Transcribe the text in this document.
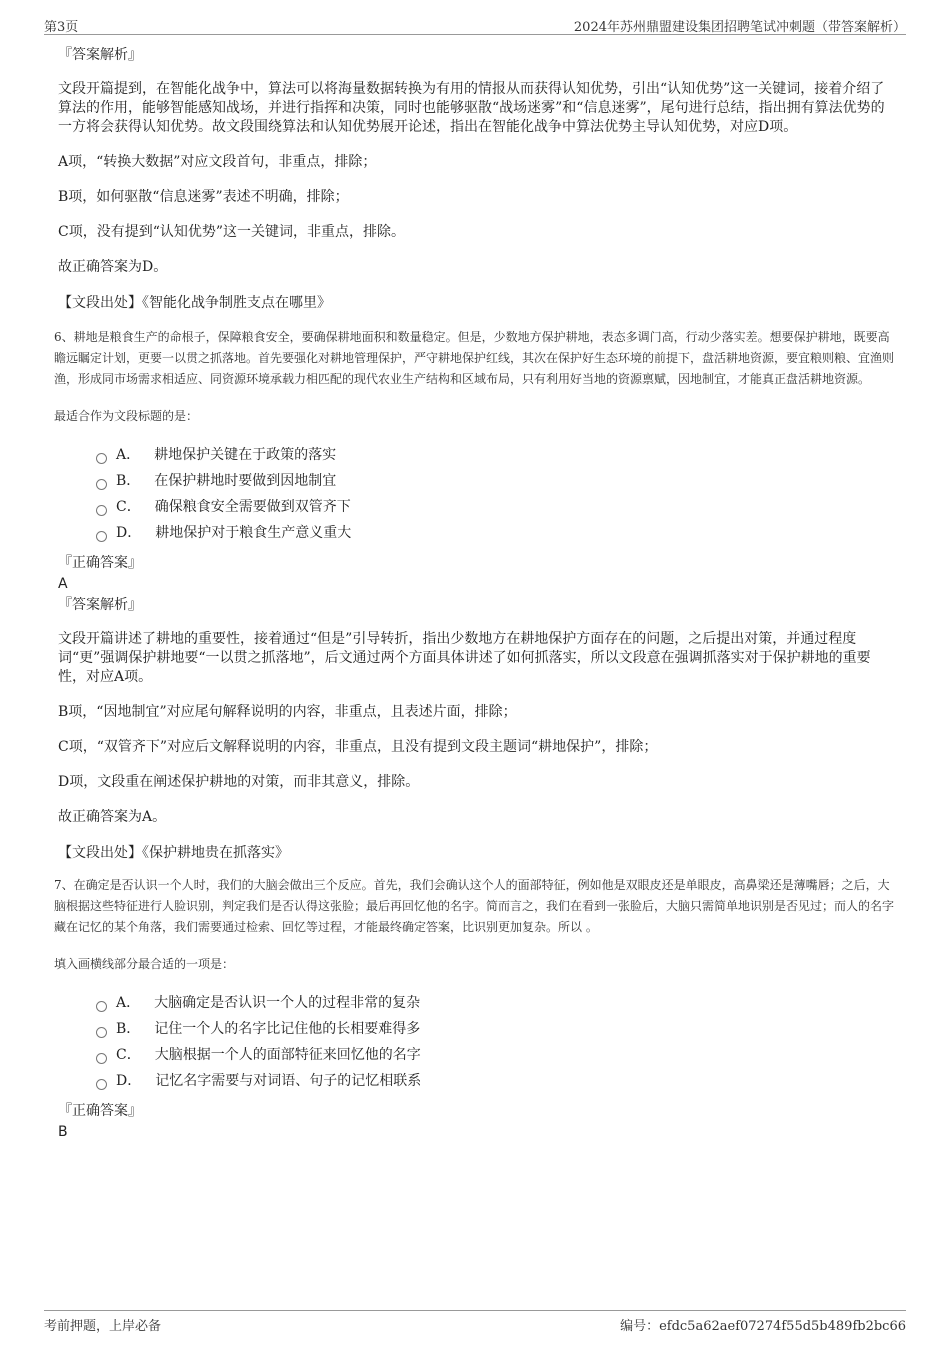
第3页	2024年苏州鼎盟建设集团招聘笔试冲刺题（带答案解析）
『答案解析』

文段开篇提到，在智能化战争中，算法可以将海量数据转换为有用的情报从而获得认知优势，引出“认知优势”这一关键词，接着介绍了算法的作用，能够智能感知战场，并进行指挥和决策，同时也能够驱散“战场迷雾”和“信息迷雾”，尾句进行总结，指出拥有算法优势的一方将会获得认知优势。故文段围绕算法和认知优势展开论述，指出在智能化战争中算法优势主导认知优势，对应D项。

A项，“转换大数据”对应文段首句，非重点，排除；

B项，如何驱散“信息迷雾”表述不明确，排除；

C项，没有提到“认知优势”这一关键词，非重点，排除。

故正确答案为D。

【文段出处】《智能化战争制胜支点在哪里》

6、耕地是粮食生产的命根子，保障粮食安全，要确保耕地面积和数量稳定。但是，少数地方保护耕地，表态多调门高，行动少落实差。想要保护耕地，既要高瞻远瞩定计划，更要一以贯之抓落地。首先要强化对耕地管理保护，严守耕地保护红线，其次在保护好生态环境的前提下，盘活耕地资源，要宜粮则粮、宜渔则渔，形成同市场需求相适应、同资源环境承载力相匹配的现代农业生产结构和区域布局，只有利用好当地的资源禀赋，因地制宜，才能真正盘活耕地资源。

最适合作为文段标题的是：

A． 耕地保护关键在于政策的落实
B． 在保护耕地时要做到因地制宜
C． 确保粮食安全需要做到双管齐下
D． 耕地保护对于粮食生产意义重大
『正确答案』
A
『答案解析』

文段开篇讲述了耕地的重要性，接着通过“但是”引导转折，指出少数地方在耕地保护方面存在的问题，之后提出对策，并通过程度词“更”强调保护耕地要“一以贯之抓落地”，后文通过两个方面具体讲述了如何抓落实，所以文段意在强调抓落实对于保护耕地的重要性，对应A项。

B项，“因地制宜”对应尾句解释说明的内容，非重点，且表述片面，排除；

C项，“双管齐下”对应后文解释说明的内容，非重点，且没有提到文段主题词“耕地保护”，排除；

D项，文段重在阐述保护耕地的对策，而非其意义，排除。

故正确答案为A。

【文段出处】《保护耕地贵在抓落实》

7、在确定是否认识一个人时，我们的大脑会做出三个反应。首先，我们会确认这个人的面部特征，例如他是双眼皮还是单眼皮，高鼻梁还是薄嘴唇；之后，大脑根据这些特征进行人脸识别，判定我们是否认得这张脸；最后再回忆他的名字。简而言之，我们在看到一张脸后，大脑只需简单地识别是否见过；而人的名字藏在记忆的某个角落，我们需要通过检索、回忆等过程，才能最终确定答案，比识别更加复杂。所以 。

填入画横线部分最合适的一项是：

A． 大脑确定是否认识一个人的过程非常的复杂
B． 记住一个人的名字比记住他的长相要难得多
C． 大脑根据一个人的面部特征来回忆他的名字
D． 记忆名字需要与对词语、句子的记忆相联系
『正确答案』
B
考前押题，上岸必备	编号：efdc5a62aef07274f55d5b489fb2bc66
